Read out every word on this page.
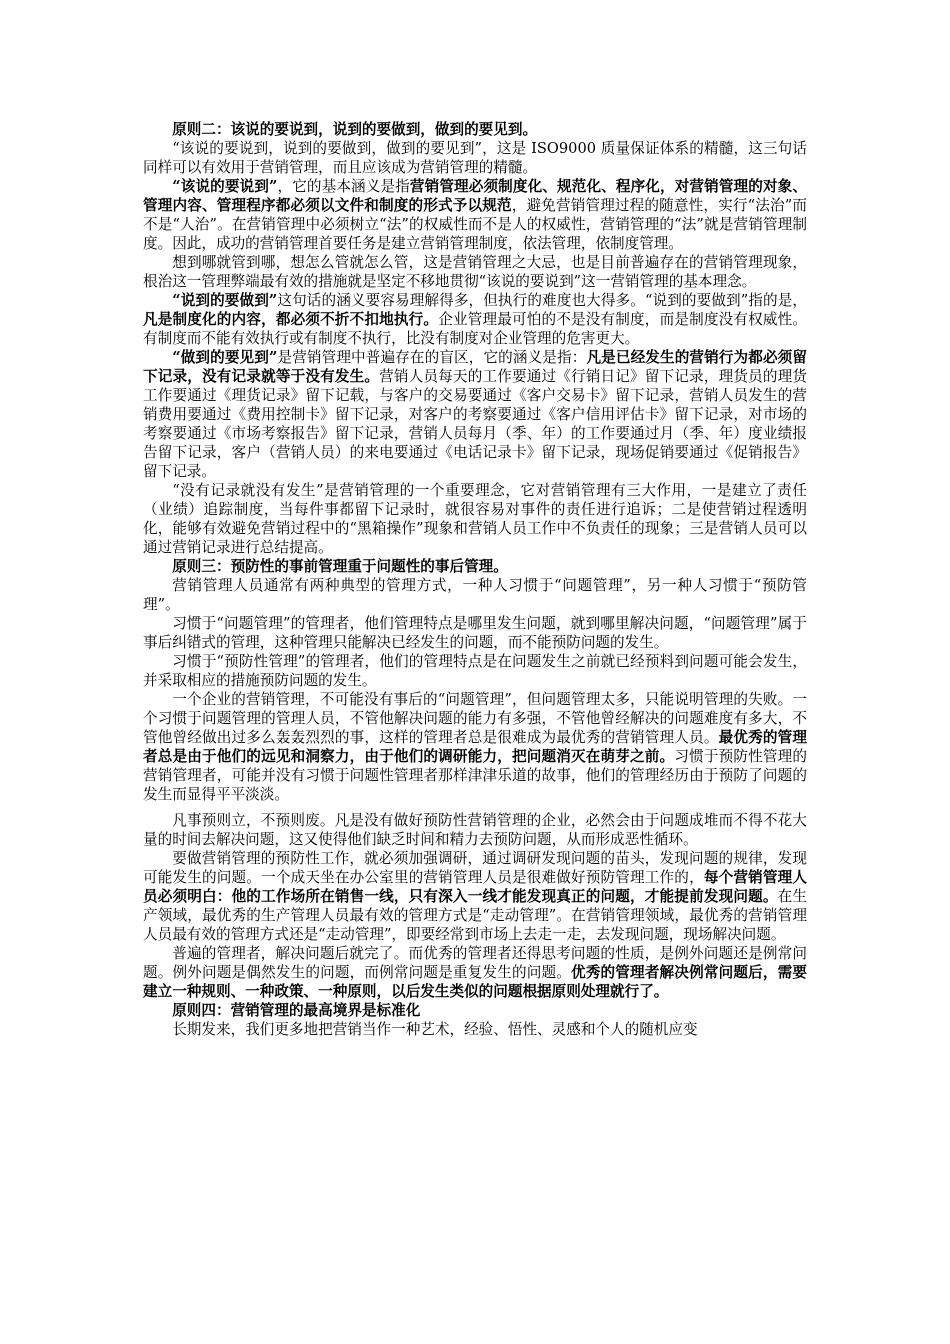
原则二：该说的要说到，说到的要做到，做到的要见到。

“该说的要说到，说到的要做到，做到的要见到”，这是 ISO9000 质量保证体系的精髓，这三句话同样可以有效用于营销管理，而且应该成为营销管理的精髓。

“该说的要说到”，它的基本涵义是指营销管理必须制度化、规范化、程序化，对营销管理的对象、管理内容、管理程序都必须以文件和制度的形式予以规范，避免营销管理过程的随意性，实行“法治”而不是“人治”。在营销管理中必须树立“法”的权威性而不是人的权威性，营销管理的“法”就是营销管理制度。因此，成功的营销管理首要任务是建立营销管理制度，依法管理，依制度管理。

想到哪就管到哪，想怎么管就怎么管，这是营销管理之大忌，也是目前普遍存在的营销管理现象，根治这一管理弊端最有效的措施就是坚定不移地贯彻“该说的要说到”这一营销管理的基本理念。

“说到的要做到”这句话的涵义要容易理解得多，但执行的难度也大得多。“说到的要做到”指的是，凡是制度化的内容，都必须不折不扣地执行。企业管理最可怕的不是没有制度，而是制度没有权威性。有制度而不能有效执行或有制度不执行，比没有制度对企业管理的危害更大。

“做到的要见到”是营销管理中普遍存在的盲区，它的涵义是指：凡是已经发生的营销行为都必须留下记录，没有记录就等于没有发生。营销人员每天的工作要通过《行销日记》留下记录，理货员的理货工作要通过《理货记录》留下记载，与客户的交易要通过《客户交易卡》留下记录，营销人员发生的营销费用要通过《费用控制卡》留下记录，对客户的考察要通过《客户信用评估卡》留下记录，对市场的考察要通过《市场考察报告》留下记录，营销人员每月（季、年）的工作要通过月（季、年）度业绩报告留下记录，客户（营销人员）的来电要通过《电话记录卡》留下记录，现场促销要通过《促销报告》留下记录。

“没有记录就没有发生”是营销管理的一个重要理念，它对营销管理有三大作用，一是建立了责任（业绩）追踪制度，当每件事都留下记录时，就很容易对事件的责任进行追诉；二是使营销过程透明化，能够有效避免营销过程中的“黑箱操作”现象和营销人员工作中不负责任的现象；三是营销人员可以通过营销记录进行总结提高。

原则三：预防性的事前管理重于问题性的事后管理。

营销管理人员通常有两种典型的管理方式，一种人习惯于“问题管理”，另一种人习惯于“预防管理”。

习惯于“问题管理”的管理者，他们管理特点是哪里发生问题，就到哪里解决问题，“问题管理”属于事后纠错式的管理，这种管理只能解决已经发生的问题，而不能预防问题的发生。

习惯于“预防性管理”的管理者，他们的管理特点是在问题发生之前就已经预料到问题可能会发生，并采取相应的措施预防问题的发生。

一个企业的营销管理，不可能没有事后的“问题管理”，但问题管理太多，只能说明管理的失败。一个习惯于问题管理的管理人员，不管他解决问题的能力有多强，不管他曾经解决的问题难度有多大，不管他曾经做出过多么轰轰烈烈的事，这样的管理者总是很难成为最优秀的营销管理人员。最优秀的管理者总是由于他们的远见和洞察力，由于他们的调研能力，把问题消灭在萌芽之前。习惯于预防性管理的营销管理者，可能并没有习惯于问题性管理者那样津津乐道的故事，他们的管理经历由于预防了问题的发生而显得平平淡淡。

凡事预则立，不预则废。凡是没有做好预防性营销管理的企业，必然会由于问题成堆而不得不花大量的时间去解决问题，这又使得他们缺乏时间和精力去预防问题，从而形成恶性循环。

要做营销管理的预防性工作，就必须加强调研，通过调研发现问题的苗头，发现问题的规律，发现可能发生的问题。一个成天坐在办公室里的营销管理人员是很难做好预防管理工作的，每个营销管理人员必须明白：他的工作场所在销售一线，只有深入一线才能发现真正的问题，才能提前发现问题。在生产领域，最优秀的生产管理人员最有效的管理方式是“走动管理”。在营销管理领域，最优秀的营销管理人员最有效的管理方式还是“走动管理”，即要经常到市场上去走一走，去发现问题，现场解决问题。

普遍的管理者，解决问题后就完了。而优秀的管理者还得思考问题的性质，是例外问题还是例常问题。例外问题是偶然发生的问题，而例常问题是重复发生的问题。优秀的管理者解决例常问题后，需要建立一种规则、一种政策、一种原则，以后发生类似的问题根据原则处理就行了。

原则四：营销管理的最高境界是标准化

长期发来，我们更多地把营销当作一种艺术，经验、悟性、灵感和个人的随机应变
